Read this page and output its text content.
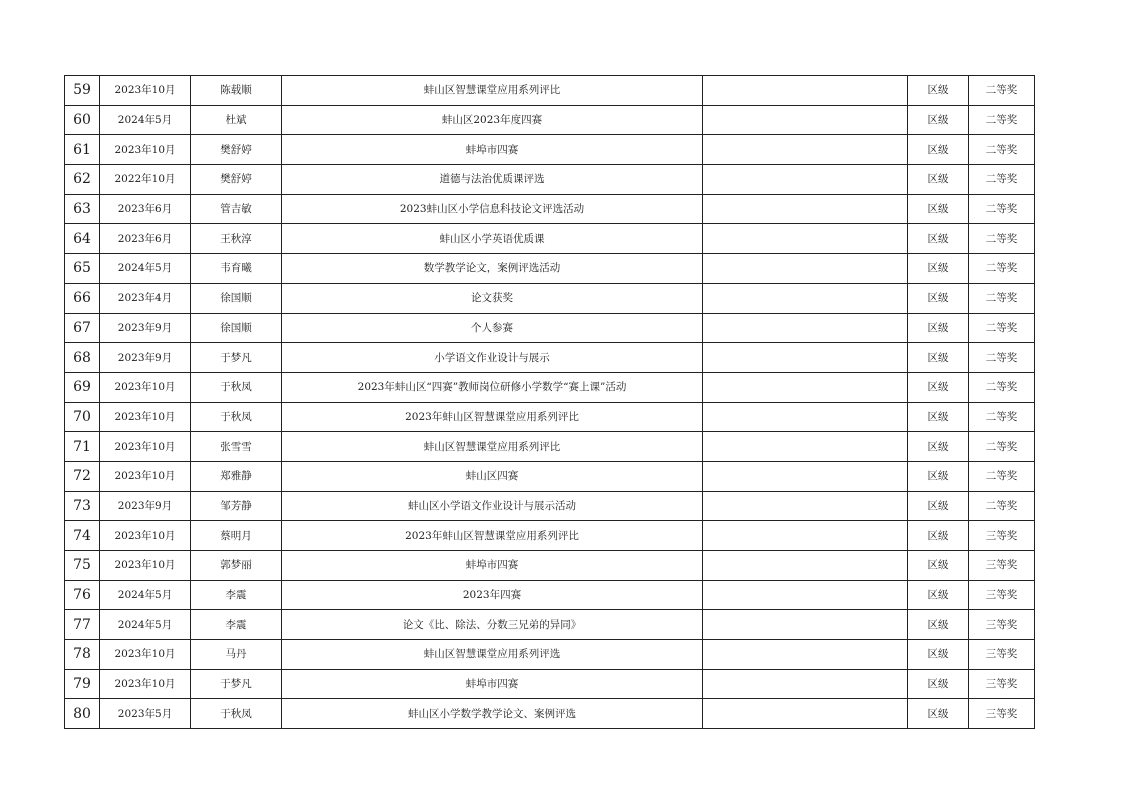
59	2023年10月	陈载顺	蚌山区智慧课堂应用系列评比		区级	二等奖
60	2024年5月	杜斌	蚌山区2023年度四赛		区级	二等奖
61	2023年10月	樊舒婷	蚌埠市四赛		区级	二等奖
62	2022年10月	樊舒婷	道德与法治优质课评选		区级	二等奖
63	2023年6月	管吉敏	2023蚌山区小学信息科技论文评选活动		区级	二等奖
64	2023年6月	王秋淳	蚌山区小学英语优质课		区级	二等奖
65	2024年5月	韦育曦	数学教学论文，案例评选活动		区级	二等奖
66	2023年4月	徐国顺	论文获奖		区级	二等奖
67	2023年9月	徐国顺	个人参赛		区级	二等奖
68	2023年9月	于梦凡	小学语文作业设计与展示		区级	二等奖
69	2023年10月	于秋凤	2023年蚌山区“四赛”教师岗位研修小学数学“赛上课”活动		区级	二等奖
70	2023年10月	于秋凤	2023年蚌山区智慧课堂应用系列评比		区级	二等奖
71	2023年10月	张雪雪	蚌山区智慧课堂应用系列评比		区级	二等奖
72	2023年10月	郑雅静	蚌山区四赛		区级	二等奖
73	2023年9月	邹芳静	蚌山区小学语文作业设计与展示活动		区级	二等奖
74	2023年10月	蔡明月	2023年蚌山区智慧课堂应用系列评比		区级	三等奖
75	2023年10月	郭梦丽	蚌埠市四赛		区级	三等奖
76	2024年5月	李震	2023年四赛		区级	三等奖
77	2024年5月	李震	论文《比、除法、分数三兄弟的异同》		区级	三等奖
78	2023年10月	马丹	蚌山区智慧课堂应用系列评选		区级	三等奖
79	2023年10月	于梦凡	蚌埠市四赛		区级	三等奖
80	2023年5月	于秋凤	蚌山区小学数学教学论文、案例评选		区级	三等奖
